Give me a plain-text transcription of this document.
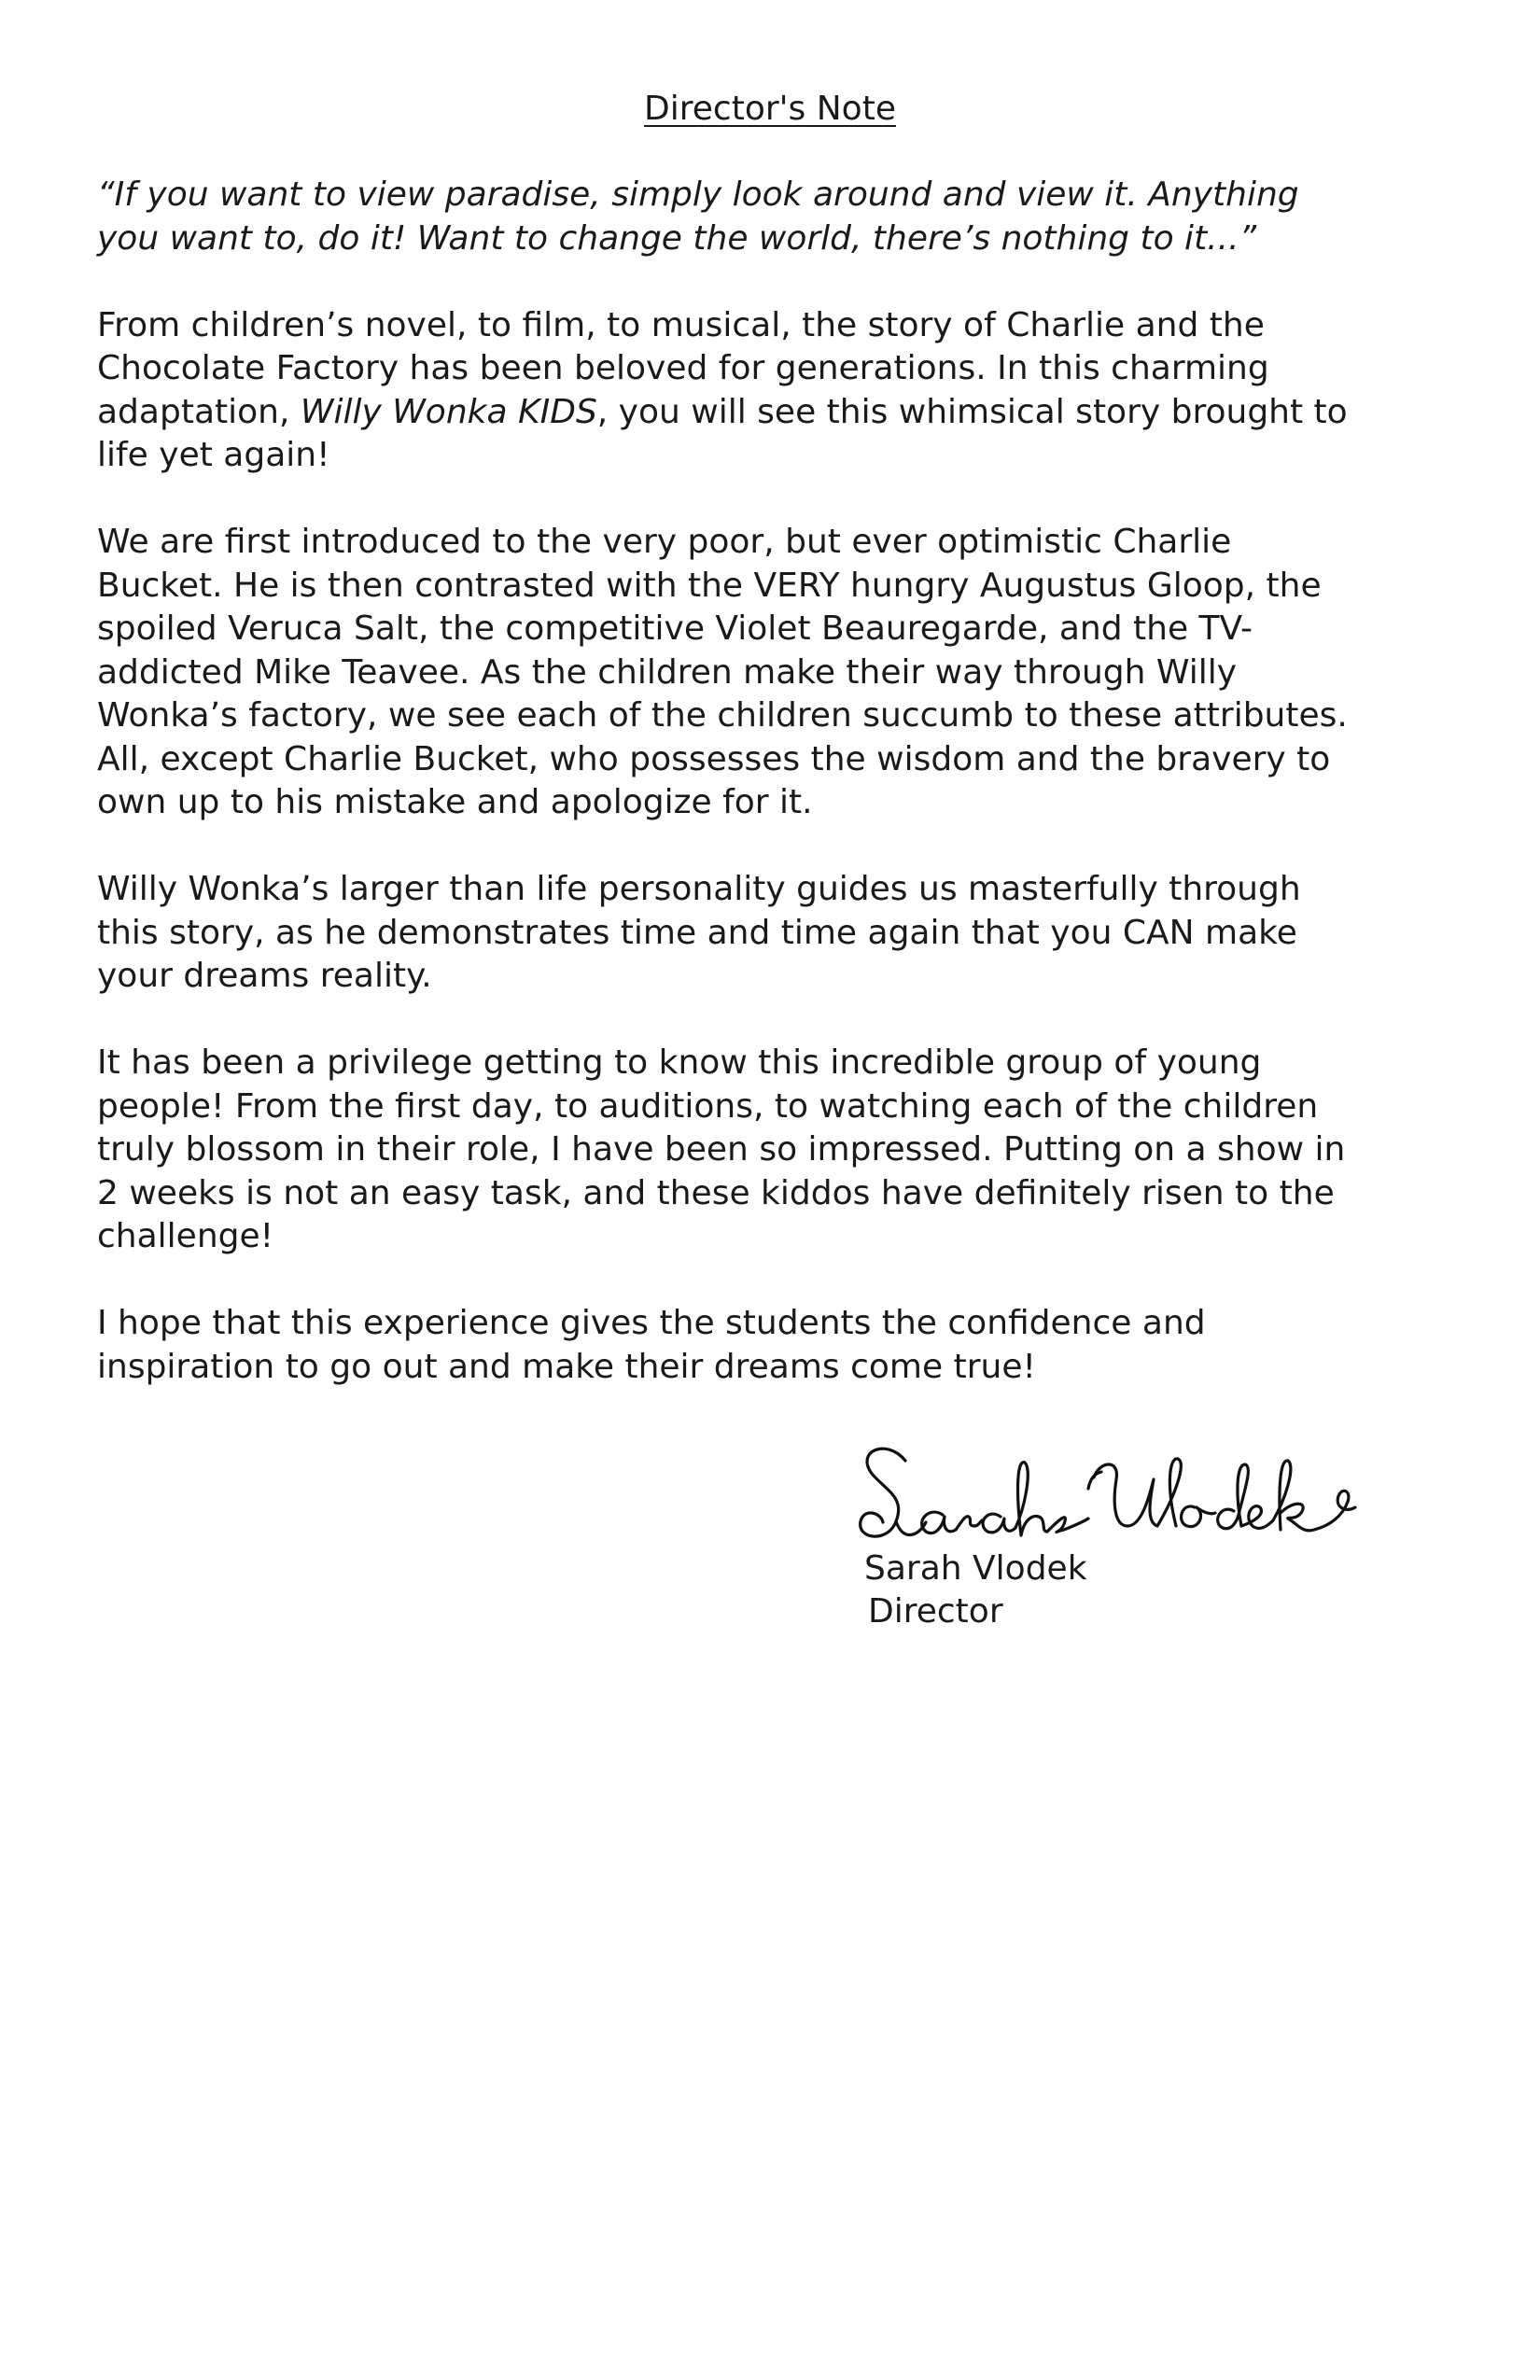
Director's Note

“If you want to view paradise, simply look around and view it. Anything
you want to, do it! Want to change the world, there’s nothing to it...”

From children’s novel, to film, to musical, the story of Charlie and the
Chocolate Factory has been beloved for generations. In this charming
adaptation, Willy Wonka KIDS, you will see this whimsical story brought to
life yet again!

We are first introduced to the very poor, but ever optimistic Charlie
Bucket. He is then contrasted with the VERY hungry Augustus Gloop, the
spoiled Veruca Salt, the competitive Violet Beauregarde, and the TV-
addicted Mike Teavee. As the children make their way through Willy
Wonka’s factory, we see each of the children succumb to these attributes.
All, except Charlie Bucket, who possesses the wisdom and the bravery to
own up to his mistake and apologize for it.

Willy Wonka’s larger than life personality guides us masterfully through
this story, as he demonstrates time and time again that you CAN make
your dreams reality.

It has been a privilege getting to know this incredible group of young
people! From the first day, to auditions, to watching each of the children
truly blossom in their role, I have been so impressed. Putting on a show in
2 weeks is not an easy task, and these kiddos have definitely risen to the
challenge!

I hope that this experience gives the students the confidence and
inspiration to go out and make their dreams come true!

Sarah Vlodek
Director
